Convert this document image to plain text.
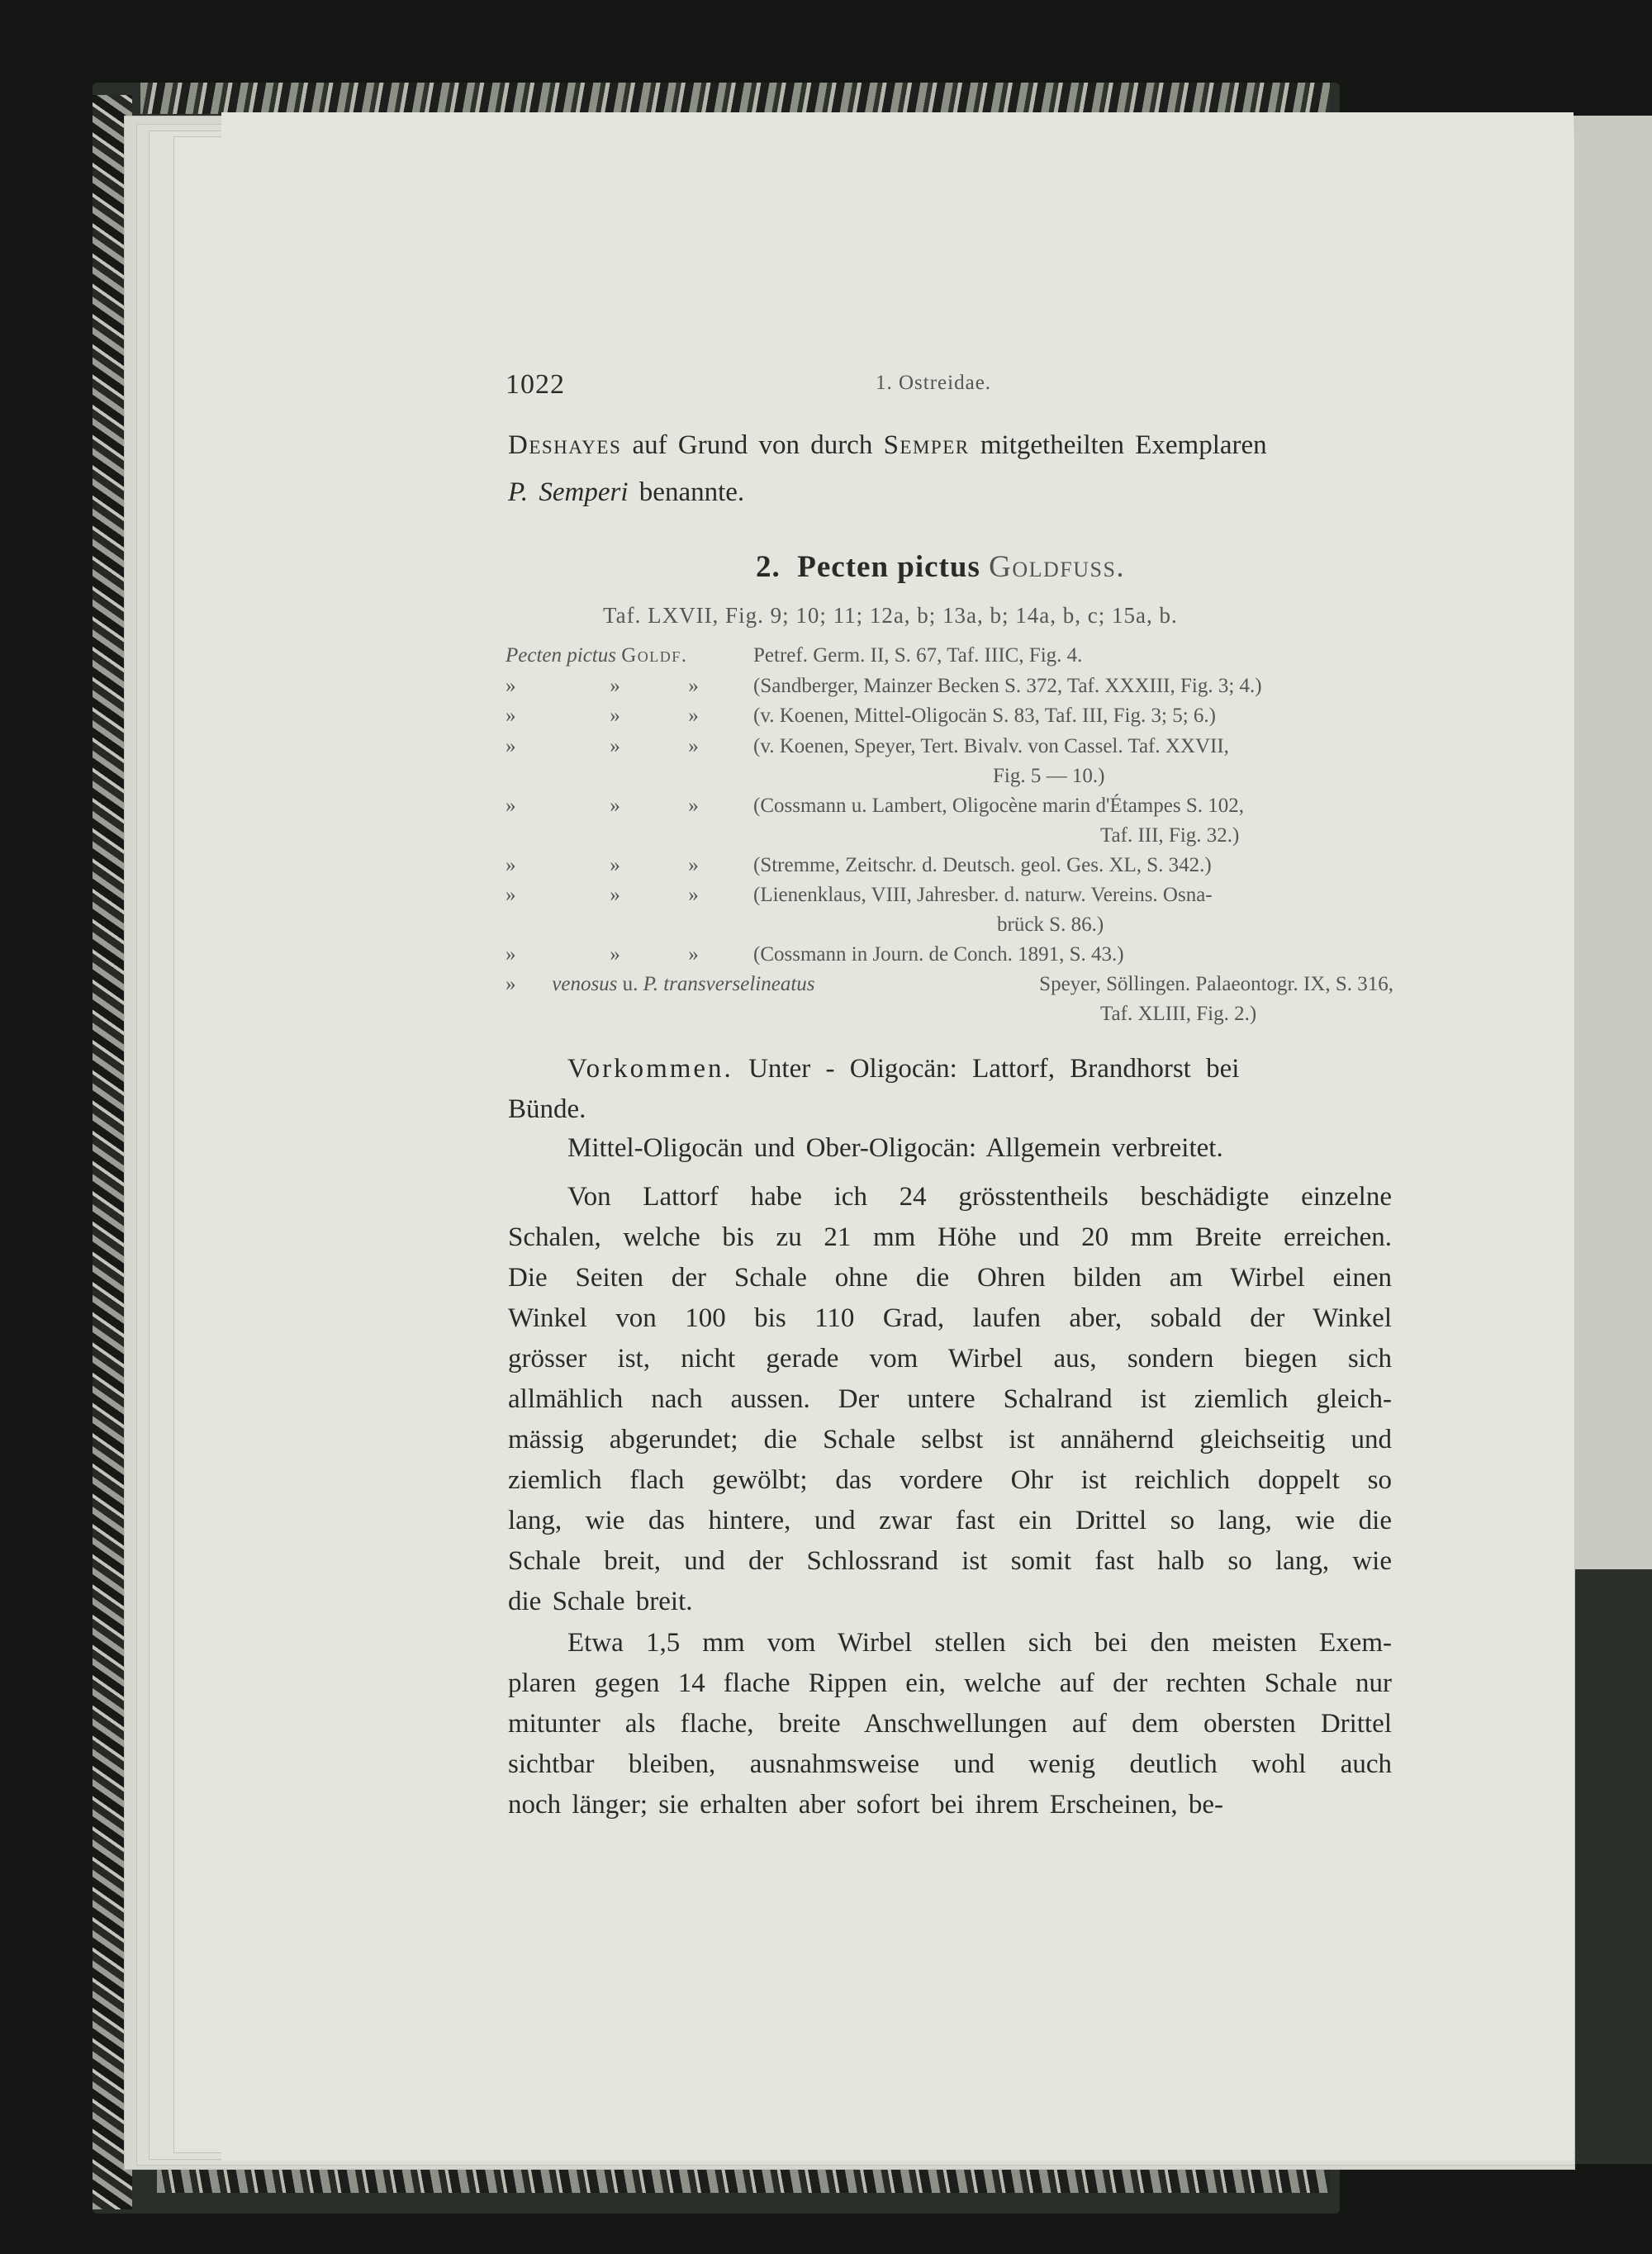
1022	1. Ostreidae.

Deshayes auf Grund von durch Semper mitgetheilten Exemplaren

P. Semperi benannte.

2. Pecten pictus Goldfuss.
Taf. LXVII, Fig. 9; 10; 11; 12a, b; 13a, b; 14a, b, c; 15a, b.
Pecten pictus Goldf.	Petref. Germ. II, S. 67, Taf. IIIC, Fig. 4.
»	»	»	(Sandberger, Mainzer Becken S. 372, Taf. XXXIII, Fig. 3; 4.)
»	»	»	(v. Koenen, Mittel-Oligocän S. 83, Taf. III, Fig. 3; 5; 6.)
»	»	»	(v. Koenen, Speyer, Tert. Bivalv. von Cassel. Taf. XXVII,
Fig. 5 — 10.)
»	»	»	(Cossmann u. Lambert, Oligocène marin d'Étampes S. 102,
Taf. III, Fig. 32.)
»	»	»	(Stremme, Zeitschr. d. Deutsch. geol. Ges. XL, S. 342.)
»	»	»	(Lienenklaus, VIII, Jahresber. d. naturw. Vereins. Osna-
brück S. 86.)
»	»	»	(Cossmann in Journ. de Conch. 1891, S. 43.)
»       venosus u. P. transverselineatus	Speyer, Söllingen. Palaeontogr. IX, S. 316,
Taf. XLIII, Fig. 2.)

Vorkommen. Unter - Oligocän: Lattorf, Brandhorst bei

Bünde.

Mittel-Oligocän und Ober-Oligocän: Allgemein verbreitet.

Von Lattorf habe ich 24 grösstentheils beschädigte einzelne
Schalen, welche bis zu 21 mm Höhe und 20 mm Breite erreichen.
Die Seiten der Schale ohne die Ohren bilden am Wirbel einen
Winkel von 100 bis 110 Grad, laufen aber, sobald der Winkel
grösser ist, nicht gerade vom Wirbel aus, sondern biegen sich
allmählich nach aussen. Der untere Schalrand ist ziemlich gleich-
mässig abgerundet; die Schale selbst ist annähernd gleichseitig und
ziemlich flach gewölbt; das vordere Ohr ist reichlich doppelt so
lang, wie das hintere, und zwar fast ein Drittel so lang, wie die
Schale breit, und der Schlossrand ist somit fast halb so lang, wie
die Schale breit.
Etwa 1,5 mm vom Wirbel stellen sich bei den meisten Exem-
plaren gegen 14 flache Rippen ein, welche auf der rechten Schale nur
mitunter als flache, breite Anschwellungen auf dem obersten Drittel
sichtbar bleiben, ausnahmsweise und wenig deutlich wohl auch
noch länger; sie erhalten aber sofort bei ihrem Erscheinen, be-
